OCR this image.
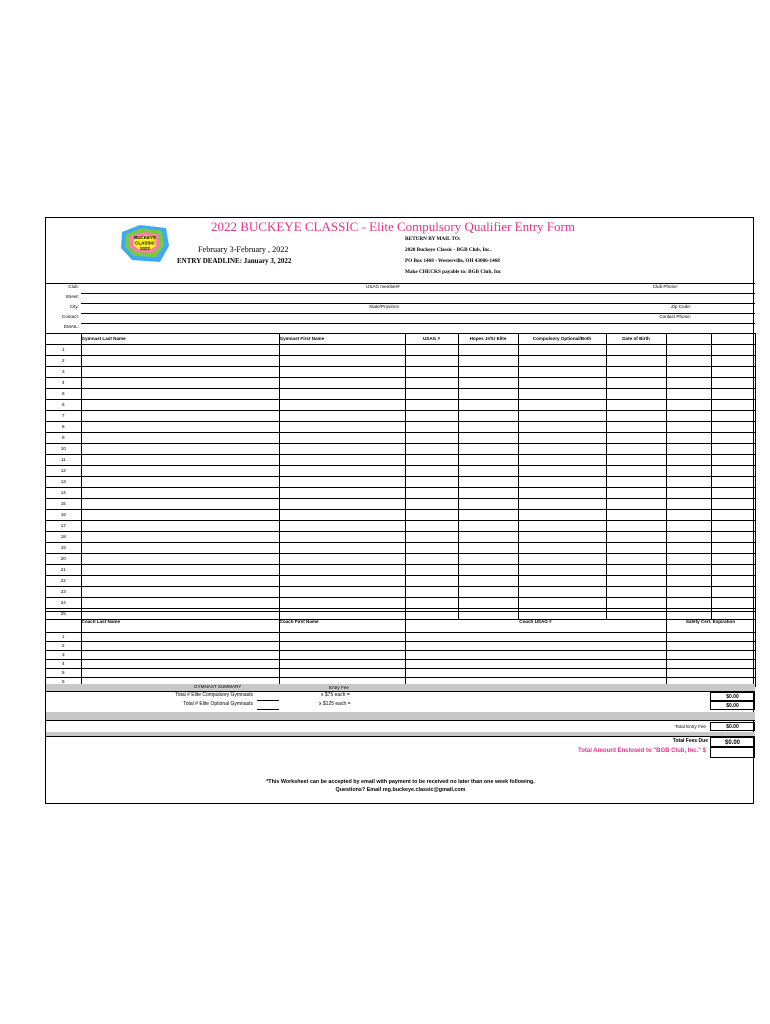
2022 BUCKEYE CLASSIC - Elite Compulsory Qualifier Entry Form
BUCKEYE
CLASSIC
2022	February 3-February , 2022
ENTRY DEADLINE: January 3, 2022
RETURN BY MAIL TO:
2020 Buckeye Classic - BGB Club, Inc.
PO Box 1468 - Westerville, OH 43086-1468
Make CHECKS payable to: BGB Club, Inc
Club:	USAG member#	Club Phone:
Street:
City:	State/Province	Zip Code:
Contact:	Contact Phone:
EMAIL:
	Gymnast Last Name	Gymnast First Name	USAG #	Hopes Jr/Sr Elite	Compulsory Optional/Both	Date of Birth		
1								
2								
3								
4								
5								
6								
7								
8								
9								
10								
11								
12								
13								
14								
15								
16								
17								
18								
19								
20								
21								
22								
23								
24								
25								
	Coach Last Name	Coach First Name	Coach USAG #	Safety Cert. Expiration
1				
2				
3				
4				
5				
6				
GYMNAST SUMMARY	Entry Fee
Total # Elite Compulsory Gymnasts	x $75 each =	$0.00
Total # Elite Optional Gymnasts	x $125 each =	$0.00
Total Entry Fee	$0.00
Total Fees Due	$0.00
Total Amount Enclosed to "BGB Club, Inc." $
*This Worksheet can be accepted by email with payment to be received no later than one week following.
Questions? Email reg.buckeye.classic@gmail.com
